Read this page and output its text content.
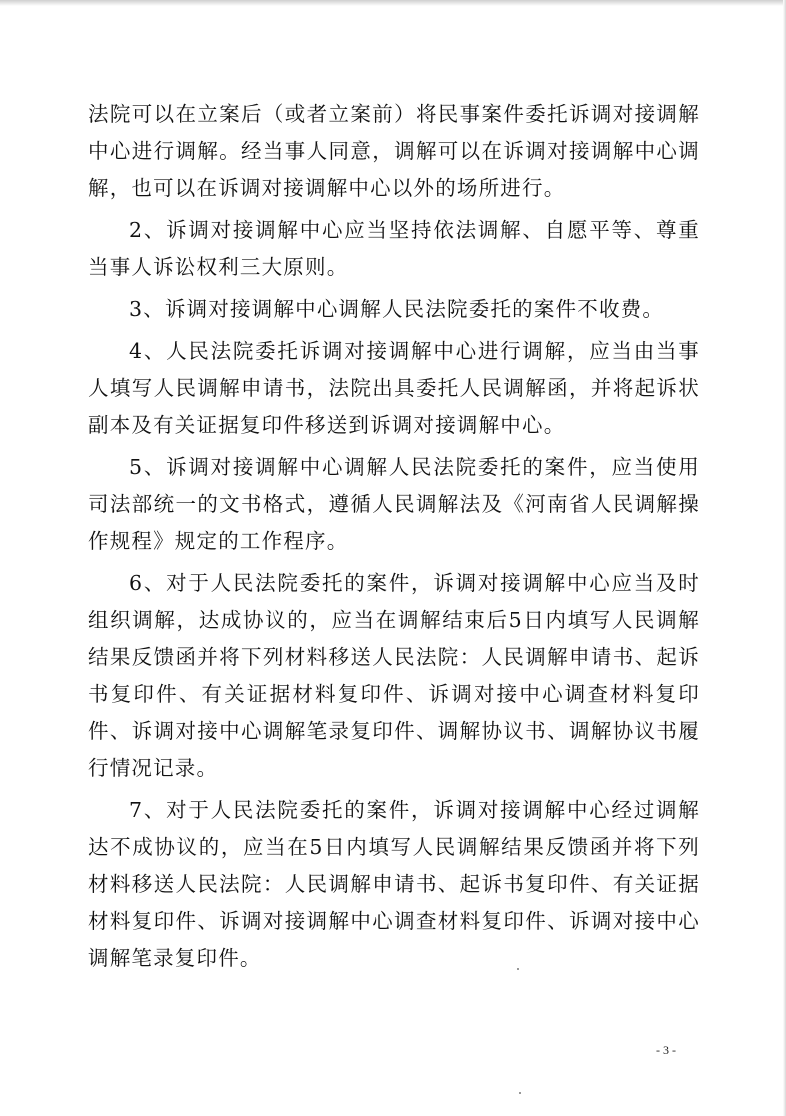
法院可以在立案后（或者立案前）将民事案件委托诉调对接调解中心进行调解。经当事人同意，调解可以在诉调对接调解中心调解，也可以在诉调对接调解中心以外的场所进行。

2、诉调对接调解中心应当坚持依法调解、自愿平等、尊重当事人诉讼权利三大原则。

3、诉调对接调解中心调解人民法院委托的案件不收费。

4、人民法院委托诉调对接调解中心进行调解，应当由当事人填写人民调解申请书，法院出具委托人民调解函，并将起诉状副本及有关证据复印件移送到诉调对接调解中心。

5、诉调对接调解中心调解人民法院委托的案件，应当使用司法部统一的文书格式，遵循人民调解法及《河南省人民调解操作规程》规定的工作程序。

6、对于人民法院委托的案件，诉调对接调解中心应当及时组织调解，达成协议的，应当在调解结束后5日内填写人民调解结果反馈函并将下列材料移送人民法院：人民调解申请书、起诉书复印件、有关证据材料复印件、诉调对接中心调查材料复印件、诉调对接中心调解笔录复印件、调解协议书、调解协议书履行情况记录。

7、对于人民法院委托的案件，诉调对接调解中心经过调解达不成协议的，应当在5日内填写人民调解结果反馈函并将下列材料移送人民法院：人民调解申请书、起诉书复印件、有关证据材料复印件、诉调对接调解中心调查材料复印件、诉调对接中心调解笔录复印件。

- 3 -
